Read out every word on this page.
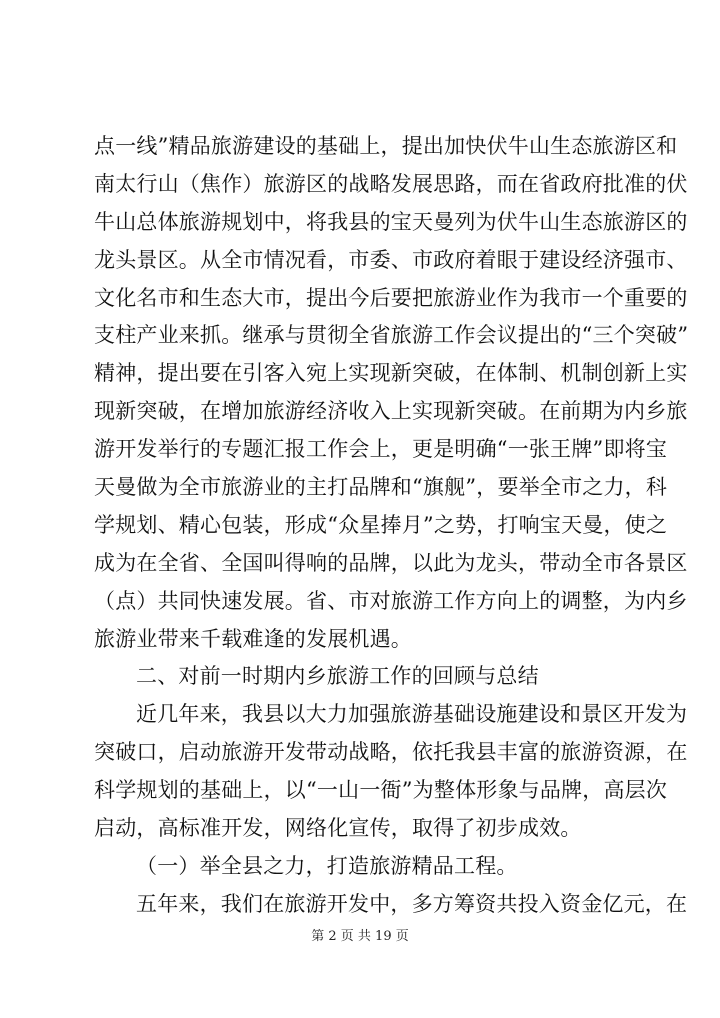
点一线”精品旅游建设的基础上，提出加快伏牛山生态旅游区和
南太行山（焦作）旅游区的战略发展思路，而在省政府批准的伏
牛山总体旅游规划中，将我县的宝天曼列为伏牛山生态旅游区的
龙头景区。从全市情况看，市委、市政府着眼于建设经济强市、
文化名市和生态大市，提出今后要把旅游业作为我市一个重要的
支柱产业来抓。继承与贯彻全省旅游工作会议提出的“三个突破”
精神，提出要在引客入宛上实现新突破，在体制、机制创新上实
现新突破，在增加旅游经济收入上实现新突破。在前期为内乡旅
游开发举行的专题汇报工作会上，更是明确“一张王牌”即将宝
天曼做为全市旅游业的主打品牌和“旗舰”，要举全市之力，科
学规划、精心包装，形成“众星捧月”之势，打响宝天曼，使之
成为在全省、全国叫得响的品牌，以此为龙头，带动全市各景区
（点）共同快速发展。省、市对旅游工作方向上的调整，为内乡
旅游业带来千载难逢的发展机遇。
二、对前一时期内乡旅游工作的回顾与总结
近几年来，我县以大力加强旅游基础设施建设和景区开发为
突破口，启动旅游开发带动战略，依托我县丰富的旅游资源，在
科学规划的基础上，以“一山一衙”为整体形象与品牌，高层次
启动，高标准开发，网络化宣传，取得了初步成效。
（一）举全县之力，打造旅游精品工程。
五年来，我们在旅游开发中，多方筹资共投入资金亿元，在
第 2 页 共 19 页
